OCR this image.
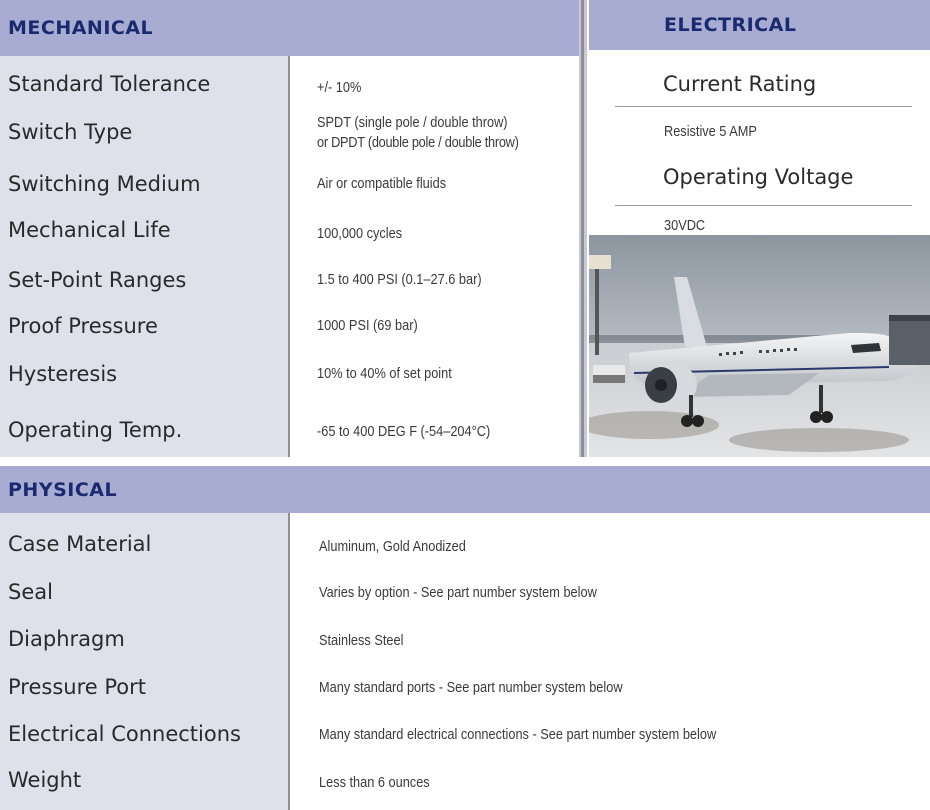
MECHANICAL
Standard Tolerance	+/- 10%
Switch Type	SPDT (single pole / double throw)
or DPDT (double pole / double throw)
Switching Medium	Air or compatible fluids
Mechanical Life	100,000 cycles
Set-Point Ranges	1.5 to 400 PSI (0.1–27.6 bar)
Proof Pressure	1000 PSI (69 bar)
Hysteresis	10% to 40% of set point
Operating Temp.	-65 to 400 DEG F (-54–204°C)
ELECTRICAL
Current Rating
Resistive 5 AMP
Operating Voltage
30VDC
PHYSICAL
Case Material	Aluminum, Gold Anodized
Seal	Varies by option - See part number system below
Diaphragm	Stainless Steel
Pressure Port	Many standard ports - See part number system below
Electrical Connections	Many standard electrical connections - See part number system below
Weight	Less than 6 ounces
